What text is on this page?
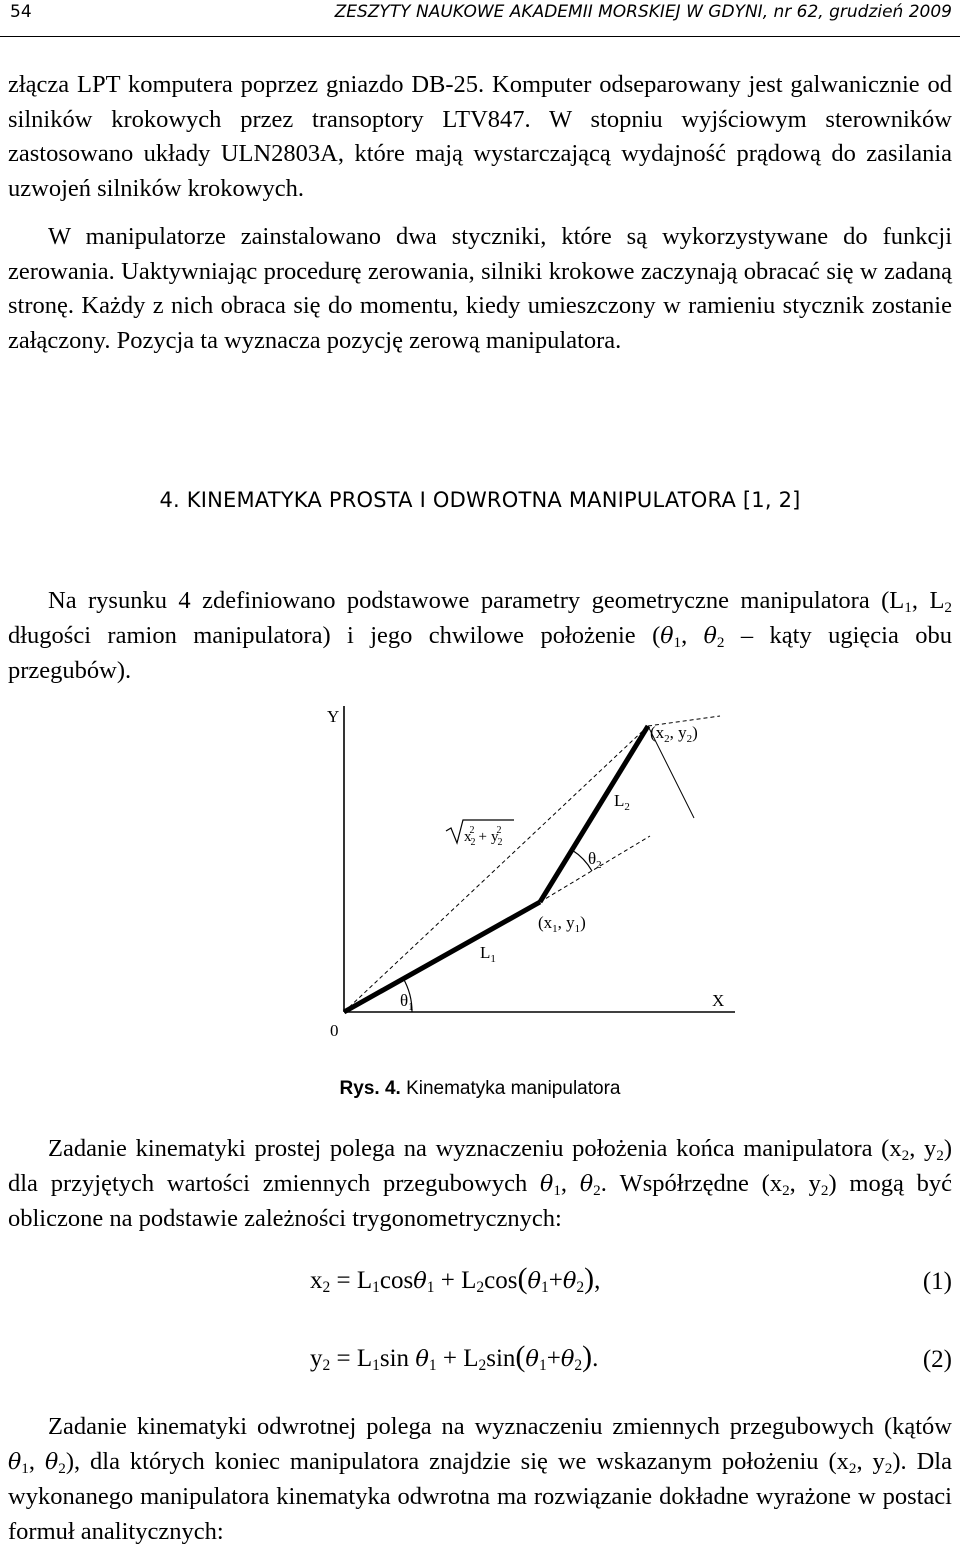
54	ZESZYTY NAUKOWE AKADEMII MORSKIEJ W GDYNI, nr 62, grudzień 2009

złącza LPT komputera poprzez gniazdo DB-25. Komputer odseparowany jest galwanicznie od silników krokowych przez transoptory LTV847. W stopniu wyjściowym sterowników zastosowano układy ULN2803A, które mają wystarczającą wydajność prądową do zasilania uzwojeń silników krokowych.

W manipulatorze zainstalowano dwa styczniki, które są wykorzystywane do funkcji zerowania. Uaktywniając procedurę zerowania, silniki krokowe zaczynają obracać się w zadaną stronę. Każdy z nich obraca się do momentu, kiedy umieszczony w ramieniu stycznik zostanie załączony. Pozycja ta wyznacza pozycję zerową manipulatora.

4. KINEMATYKA PROSTA I ODWROTNA MANIPULATORA [1, 2]

Na rysunku 4 zdefiniowano podstawowe parametry geometryczne manipulatora ($L_1$, $L_2$ długości ramion manipulatora) i jego chwilowe położenie ($\theta_1$, $\theta_2$ – kąty ugięcia obu przegubów).

Y
X
0
($x_2$, $y_2$)
$L_2$
$L_1$
($x_1$, $y_1$)
$\theta_2$
$\theta_1$
x22 + y22
Rys. 4. Kinematyka manipulatora

Zadanie kinematyki prostej polega na wyznaczeniu położenia końca manipulatora ($x_2$, $y_2$) dla przyjętych wartości zmiennych przegubowych $\theta_1$, $\theta_2$. Współrzędne ($x_2$, $y_2$) mogą być obliczone na podstawie zależności trygonometrycznych:

$x_2 = L_1\cos\theta_1 + L_2\cos(\theta_1+\theta_2)$,	(1)
$y_2 = L_1\sin$ $\theta_1 + L_2\sin(\theta_1+\theta_2)$.	(2)

Zadanie kinematyki odwrotnej polega na wyznaczeniu zmiennych przegubowych (kątów $\theta_1$, $\theta_2$), dla których koniec manipulatora znajdzie się we wskazanym położeniu ($x_2$, $y_2$). Dla wykonanego manipulatora kinematyka odwrotna ma rozwiązanie dokładne wyrażone w postaci formuł analitycznych:
